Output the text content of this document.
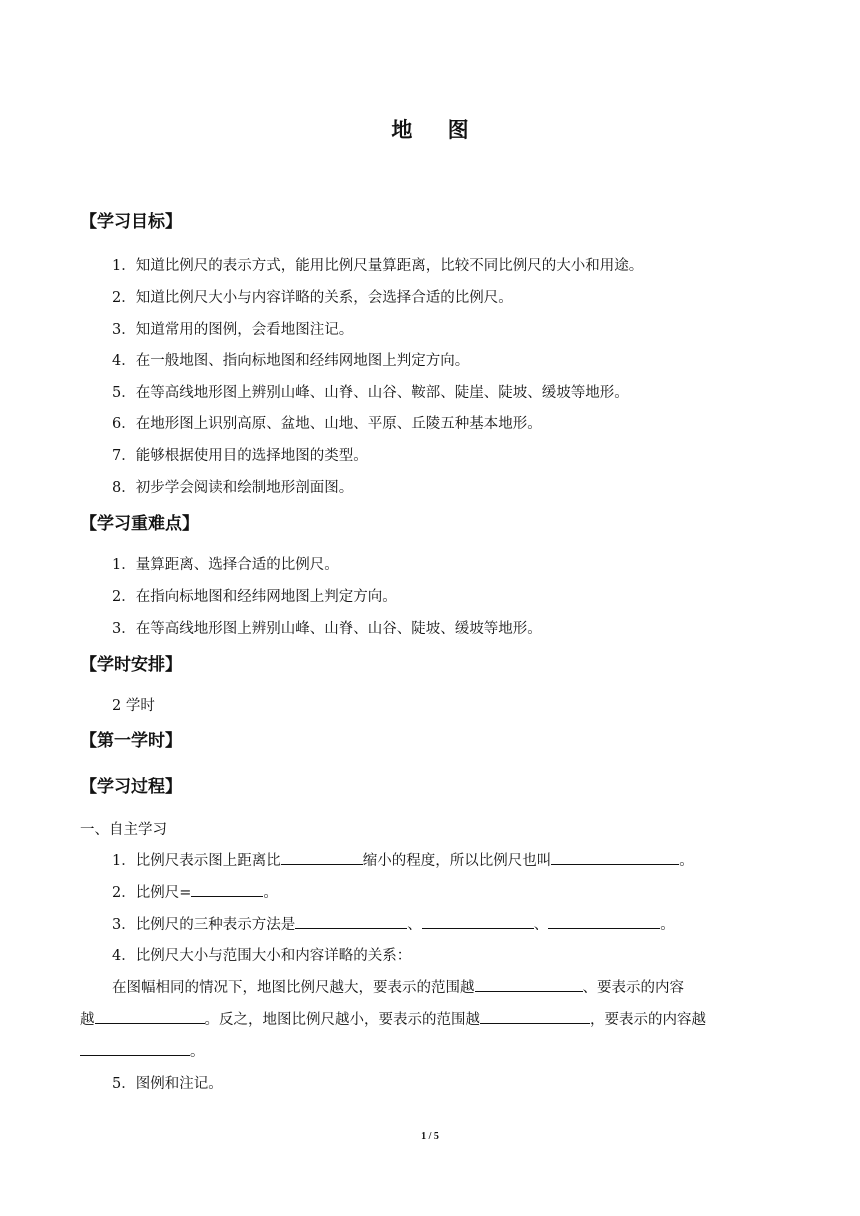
地 图
【学习目标】
1．知道比例尺的表示方式，能用比例尺量算距离，比较不同比例尺的大小和用途。
2．知道比例尺大小与内容详略的关系，会选择合适的比例尺。
3．知道常用的图例，会看地图注记。
4．在一般地图、指向标地图和经纬网地图上判定方向。
5．在等高线地形图上辨别山峰、山脊、山谷、鞍部、陡崖、陡坡、缓坡等地形。
6．在地形图上识别高原、盆地、山地、平原、丘陵五种基本地形。
7．能够根据使用目的选择地图的类型。
8．初步学会阅读和绘制地形剖面图。
【学习重难点】
1．量算距离、选择合适的比例尺。
2．在指向标地图和经纬网地图上判定方向。
3．在等高线地形图上辨别山峰、山脊、山谷、陡坡、缓坡等地形。
【学时安排】
2 学时
【第一学时】
【学习过程】
一、自主学习
1．比例尺表示图上距离比	缩小的程度，所以比例尺也叫	。
2．比例尺=	。
3．比例尺的三种表示方法是	、	、	。
4．比例尺大小与范围大小和内容详略的关系：
在图幅相同的情况下，地图比例尺越大，要表示的范围越	、要表示的内容
越	。反之，地图比例尺越小，要表示的范围越	，要表示的内容越
。
5．图例和注记。
1 / 5
